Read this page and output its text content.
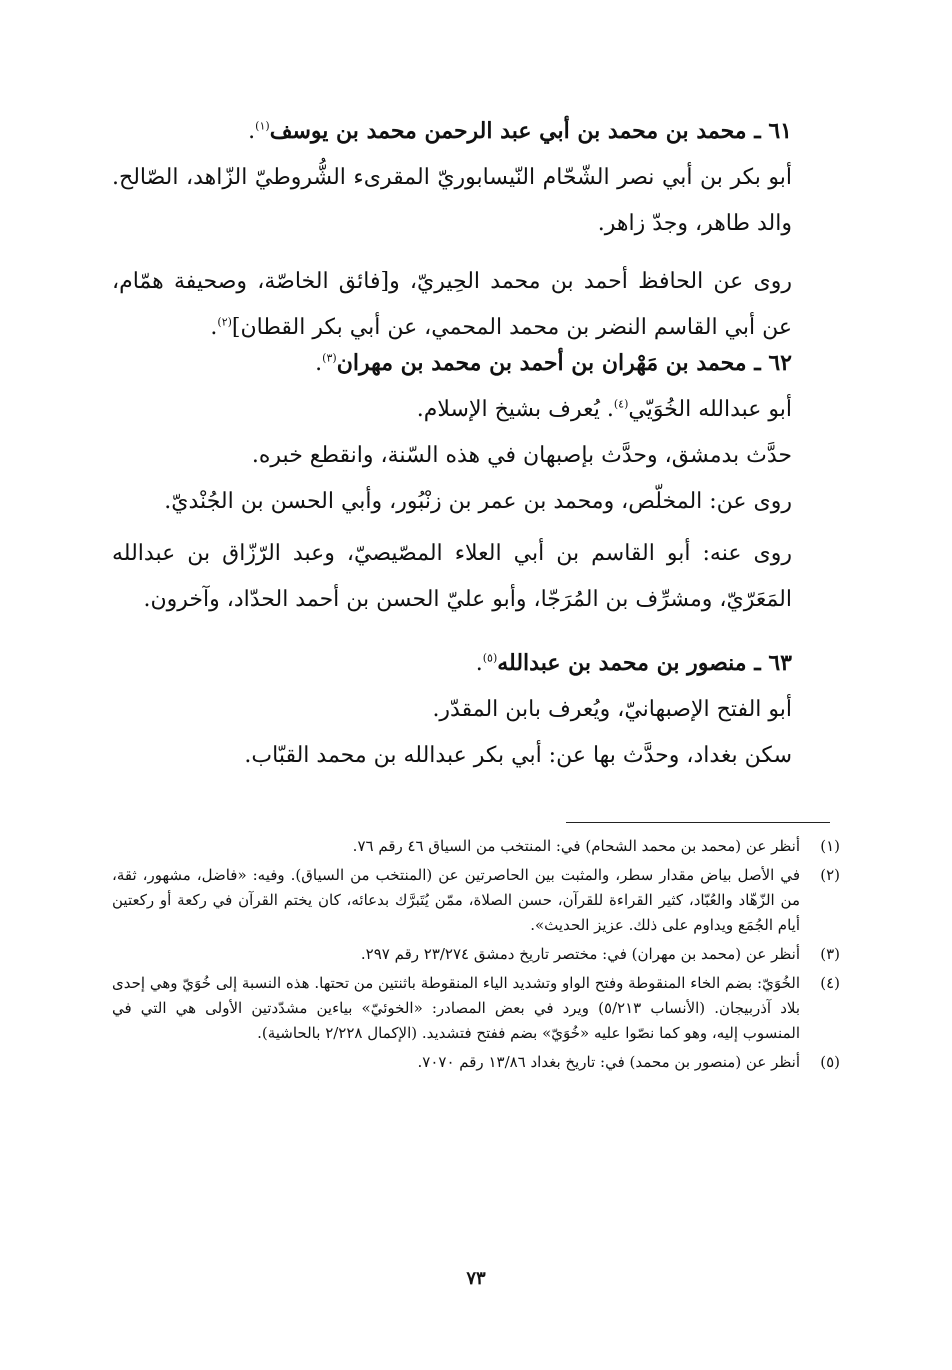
٦١ ـ محمد بن محمد بن أبي عبد الرحمن محمد بن يوسف$^{(١)}$.
أبو بكر بن أبي نصر الشّحّام النّيسابوريّ المقرىء الشُّروطيّ الزّاهد، الصّالح. والد طاهر، وجدّ زاهر.
روى عن الحافظ أحمد بن محمد الحِيريّ، و[فائق الخاصّة، وصحيفة همّام، عن أبي القاسم النضر بن محمد المحمي، عن أبي بكر القطان]$^{(٢)}$.
٦٢ ـ محمد بن مَهْران بن أحمد بن محمد بن مهران$^{(٣)}$.
أبو عبدالله الخُوَيّي$^{(٤)}$. يُعرف بشيخ الإسلام.
حدَّث بدمشق، وحدَّث بإصبهان في هذه السّنة، وانقطع خبره.
روى عن: المخلّص، ومحمد بن عمر بن زنْبُور، وأبي الحسن بن الجُنْديّ.
روى عنه: أبو القاسم بن أبي العلاء المصّيصيّ، وعبد الرّزّاق بن عبدالله المَعَرّيّ، ومشرِّف بن المُرَجّا، وأبو عليّ الحسن بن أحمد الحدّاد، وآخرون.
٦٣ ـ منصور بن محمد بن عبدالله$^{(٥)}$.
أبو الفتح الإصبهانيّ، ويُعرف بابن المقدّر.
سكن بغداد، وحدَّث بها عن: أبي بكر عبدالله بن محمد القبّاب.
(١)
أنظر عن (محمد بن محمد الشحام) في: المنتخب من السياق ٤٦ رقم ٧٦.
(٢)
في الأصل بياض مقدار سطر، والمثبت بين الحاصرتين عن (المنتخب من السياق). وفيه: «فاضل، مشهور، ثقة، من الزّهّاد والعُبّاد، كثير القراءة للقرآن، حسن الصلاة، ممّن يُتَبرَّك بدعائه، كان يختم القرآن في ركعة أو ركعتين أيام الجُمَع ويداوم على ذلك. عزيز الحديث».
(٣)
أنظر عن (محمد بن مهران) في: مختصر تاريخ دمشق ٢٣/٢٧٤ رقم ٢٩٧.
(٤)
الخُوَيّ: بضم الخاء المنقوطة وفتح الواو وتشديد الياء المنقوطة باثنتين من تحتها. هذه النسبة إلى خُوَيّ وهي إحدى بلاد آذربيجان. (الأنساب ٥/٢١٣) ويرد في بعض المصادر: «الخوئيّ» بياءين مشدّدتين الأولى هي التي في المنسوب إليه، وهو كما نصّوا عليه «خُوَيّ» بضم ففتح فتشديد. (الإكمال ٢/٢٢٨ بالحاشية).
(٥)
أنظر عن (منصور بن محمد) في: تاريخ بغداد ١٣/٨٦ رقم ٧٠٧٠.
٧٣
